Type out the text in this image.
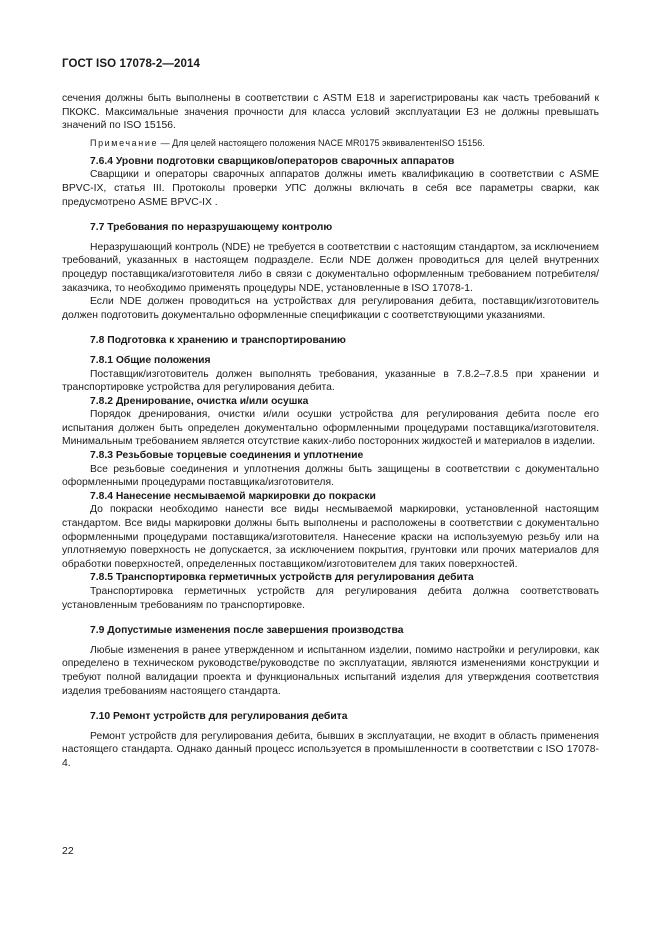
ГОСТ ISO 17078-2—2014

сечения должны быть выполнены в соответствии с ASTM E18 и зарегистрированы как часть требований к ПКОКС. Максимальные значения прочности для класса условий эксплуатации E3 не должны превышать значений по ISO 15156.

Примечание — Для целей настоящего положения NACE MR0175 эквивалентенISO 15156.

7.6.4 Уровни подготовки сварщиков/операторов сварочных аппаратов

Сварщики и операторы сварочных аппаратов должны иметь квалификацию в соответствии с ASME BPVC-IX, статья III. Протоколы проверки УПС должны включать в себя все параметры сварки, как предусмотрено ASME BPVC-IX .

7.7 Требования по неразрушающему контролю

Неразрушающий контроль (NDE) не требуется в соответствии с настоящим стандартом, за исключением требований, указанных в настоящем подразделе. Если NDE должен проводиться для целей внутренних процедур поставщика/изготовителя либо в связи с документально оформленным требованием потребителя/заказчика, то необходимо применять процедуры NDE, установленные в ISO 17078-1.

Если NDE должен проводиться на устройствах для регулирования дебита, поставщик/изготовитель должен подготовить документально оформленные спецификации с соответствующими указаниями.

7.8 Подготовка к хранению и транспортированию

7.8.1 Общие положения

Поставщик/изготовитель должен выполнять требования, указанные в 7.8.2–7.8.5 при хранении и транспортировке устройства для регулирования дебита.

7.8.2 Дренирование, очистка и/или осушка

Порядок дренирования, очистки и/или осушки устройства для регулирования дебита после его испытания должен быть определен документально оформленными процедурами поставщика/изготовителя. Минимальным требованием является отсутствие каких-либо посторонних жидкостей и материалов в изделии.

7.8.3 Резьбовые торцевые соединения и уплотнение

Все резьбовые соединения и уплотнения должны быть защищены в соответствии с документально оформленными процедурами поставщика/изготовителя.

7.8.4 Нанесение несмываемой маркировки до покраски

До покраски необходимо нанести все виды несмываемой маркировки, установленной настоящим стандартом. Все виды маркировки должны быть выполнены и расположены в соответствии с документально оформленными процедурами поставщика/изготовителя. Нанесение краски на используемую резьбу или на уплотняемую поверхность не допускается, за исключением покрытия, грунтовки или прочих материалов для обработки поверхностей, определенных поставщиком/изготовителем для таких поверхностей.

7.8.5 Транспортировка герметичных устройств для регулирования дебита

Транспортировка герметичных устройств для регулирования дебита должна соответствовать установленным требованиям по транспортировке.

7.9 Допустимые изменения после завершения производства

Любые изменения в ранее утвержденном и испытанном изделии, помимо настройки и регулировки, как определено в техническом руководстве/руководстве по эксплуатации, являются изменениями конструкции и требуют полной валидации проекта и функциональных испытаний изделия для утверждения соответствия изделия требованиям настоящего стандарта.

7.10 Ремонт устройств для регулирования дебита

Ремонт устройств для регулирования дебита, бывших в эксплуатации, не входит в область применения настоящего стандарта. Однако данный процесс используется в промышленности в соответствии с ISO 17078-4.

22
